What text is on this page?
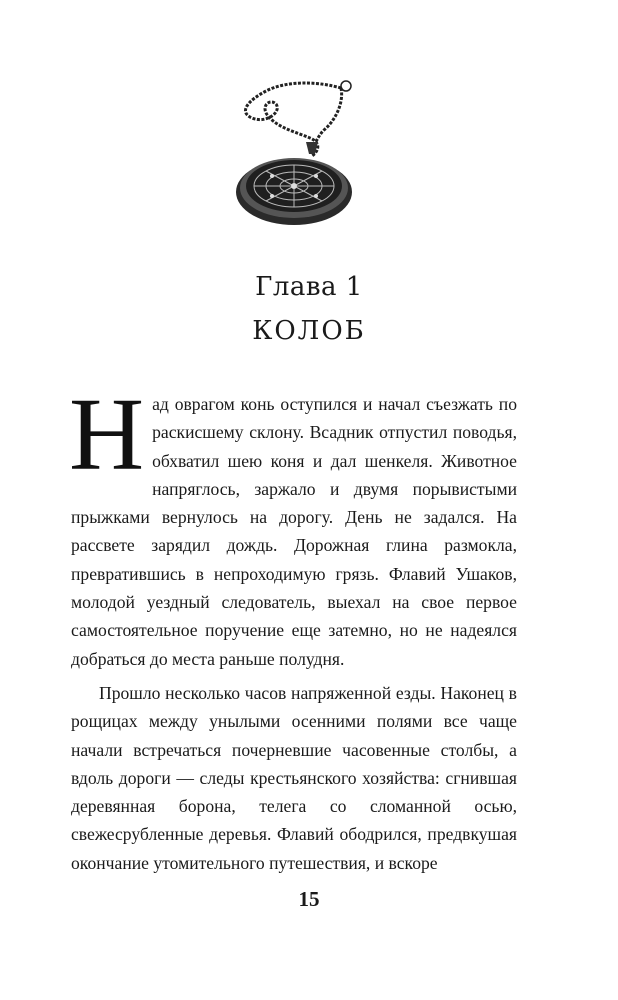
Глава 1
КОЛОБ

Над оврагом конь оступился и начал съезжать по раскисшему склону. Всадник отпустил поводья, обхватил шею коня и дал шенкеля. Животное напряглось, заржало и двумя порывистыми прыжками вернулось на дорогу. День не задался. На рассвете зарядил дождь. Дорожная глина размокла, превратившись в непроходимую грязь. Флавий Ушаков, молодой уездный следователь, выехал на свое первое самостоятельное поручение еще затемно, но не надеялся добраться до места раньше полудня.

Прошло несколько часов напряженной езды. Наконец в рощицах между унылыми осенними полями все чаще начали встречаться почерневшие часовенные столбы, а вдоль дороги — следы крестьянского хозяйства: сгнившая деревянная борона, телега со сломанной осью, свежесрубленные деревья. Флавий ободрился, предвкушая окончание утомительного путешествия, и вскоре

15
